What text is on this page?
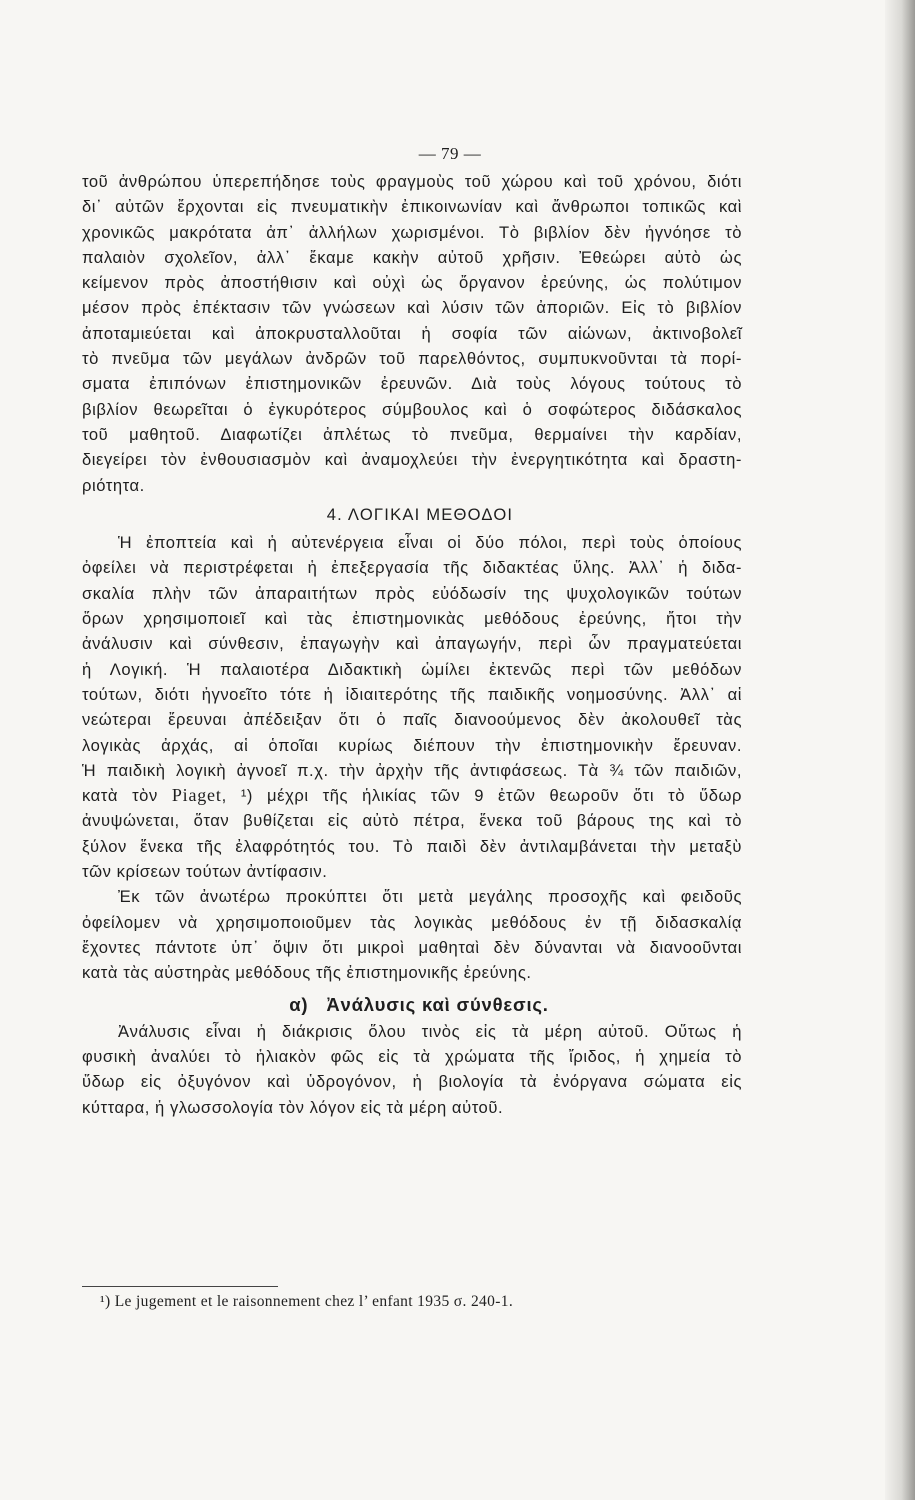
— 79 —
τοῦ ἀνθρώπου ὑπερεπήδησε τοὺς φραγμοὺς τοῦ χώρου καὶ τοῦ χρόνου, διότι
δι᾽ αὐτῶν ἔρχονται εἰς πνευματικὴν ἐπικοινωνίαν καὶ ἄνθρωποι τοπικῶς καὶ
χρονικῶς μακρότατα ἀπ᾽ ἀλλήλων χωρισμένοι. Τὸ βιβλίον δὲν ἠγνόησε τὸ
παλαιὸν σχολεῖον, ἀλλ᾽ ἔκαμε κακὴν αὐτοῦ χρῆσιν. Ἐθεώρει αὐτὸ ὡς
κείμενον πρὸς ἀποστήθισιν καὶ οὐχὶ ὡς ὄργανον ἐρεύνης, ὡς πολύτιμον
μέσον πρὸς ἐπέκτασιν τῶν γνώσεων καὶ λύσιν τῶν ἀποριῶν. Εἰς τὸ βιβλίον
ἀποταμιεύεται καὶ ἀποκρυσταλλοῦται ἡ σοφία τῶν αἰώνων, ἀκτινοβολεῖ
τὸ πνεῦμα τῶν μεγάλων ἀνδρῶν τοῦ παρελθόντος, συμπυκνοῦνται τὰ πορί-
σματα ἐπιπόνων ἐπιστημονικῶν ἐρευνῶν. Διὰ τοὺς λόγους τούτους τὸ
βιβλίον θεωρεῖται ὁ ἐγκυρότερος σύμβουλος καὶ ὁ σοφώτερος διδάσκαλος
τοῦ μαθητοῦ. Διαφωτίζει ἀπλέτως τὸ πνεῦμα, θερμαίνει τὴν καρδίαν,
διεγείρει τὸν ἐνθουσιασμὸν καὶ ἀναμοχλεύει τὴν ἐνεργητικότητα καὶ δραστη-
ριότητα.
4. ΛΟΓΙΚΑΙ ΜΕΘΟΔΟΙ
Ἡ ἐποπτεία καὶ ἡ αὐτενέργεια εἶναι οἱ δύο πόλοι, περὶ τοὺς ὁποίους
ὀφείλει νὰ περιστρέφεται ἡ ἐπεξεργασία τῆς διδακτέας ὕλης. Ἀλλ᾽ ἡ διδα-
σκαλία πλὴν τῶν ἀπαραιτήτων πρὸς εὐόδωσίν της ψυχολογικῶν τούτων
ὅρων χρησιμοποιεῖ καὶ τὰς ἐπιστημονικὰς μεθόδους ἐρεύνης, ἤτοι τὴν
ἀνάλυσιν καὶ σύνθεσιν, ἐπαγωγὴν καὶ ἀπαγωγήν, περὶ ὧν πραγματεύεται
ἡ Λογική. Ἡ παλαιοτέρα Διδακτικὴ ὡμίλει ἐκτενῶς περὶ τῶν μεθόδων
τούτων, διότι ἠγνοεῖτο τότε ἡ ἰδιαιτερότης τῆς παιδικῆς νοημοσύνης. Ἀλλ᾽ αἱ
νεώτεραι ἔρευναι ἀπέδειξαν ὅτι ὁ παῖς διανοούμενος δὲν ἀκολουθεῖ τὰς
λογικὰς ἀρχάς, αἱ ὁποῖαι κυρίως διέπουν τὴν ἐπιστημονικὴν ἔρευναν.
Ἡ παιδικὴ λογικὴ ἀγνοεῖ π.χ. τὴν ἀρχὴν τῆς ἀντιφάσεως. Τὰ ¾ τῶν παιδιῶν,
κατὰ τὸν Piaget, ¹) μέχρι τῆς ἡλικίας τῶν 9 ἐτῶν θεωροῦν ὅτι τὸ ὕδωρ
ἀνυψώνεται, ὅταν βυθίζεται εἰς αὐτὸ πέτρα, ἕνεκα τοῦ βάρους της καὶ τὸ
ξύλον ἕνεκα τῆς ἐλαφρότητός του. Τὸ παιδὶ δὲν ἀντιλαμβάνεται τὴν μεταξὺ
τῶν κρίσεων τούτων ἀντίφασιν.
Ἐκ τῶν ἀνωτέρω προκύπτει ὅτι μετὰ μεγάλης προσοχῆς καὶ φειδοῦς
ὀφείλομεν νὰ χρησιμοποιοῦμεν τὰς λογικὰς μεθόδους ἐν τῇ διδασκαλίᾳ
ἔχοντες πάντοτε ὑπ᾽ ὄψιν ὅτι μικροὶ μαθηταὶ δὲν δύνανται νὰ διανοοῦνται
κατὰ τὰς αὐστηρὰς μεθόδους τῆς ἐπιστημονικῆς ἐρεύνης.
α) Ἀνάλυσις καὶ σύνθεσις.
Ἀνάλυσις εἶναι ἡ διάκρισις ὅλου τινὸς εἰς τὰ μέρη αὐτοῦ. Οὕτως ἡ
φυσικὴ ἀναλύει τὸ ἡλιακὸν φῶς εἰς τὰ χρώματα τῆς ἴριδος, ἡ χημεία τὸ
ὕδωρ εἰς ὀξυγόνον καὶ ὑδρογόνον, ἡ βιολογία τὰ ἐνόργανα σώματα εἰς
κύτταρα, ἡ γλωσσολογία τὸν λόγον εἰς τὰ μέρη αὐτοῦ.
¹) Le jugement et le raisonnement chez l’ enfant 1935 σ. 240-1.
